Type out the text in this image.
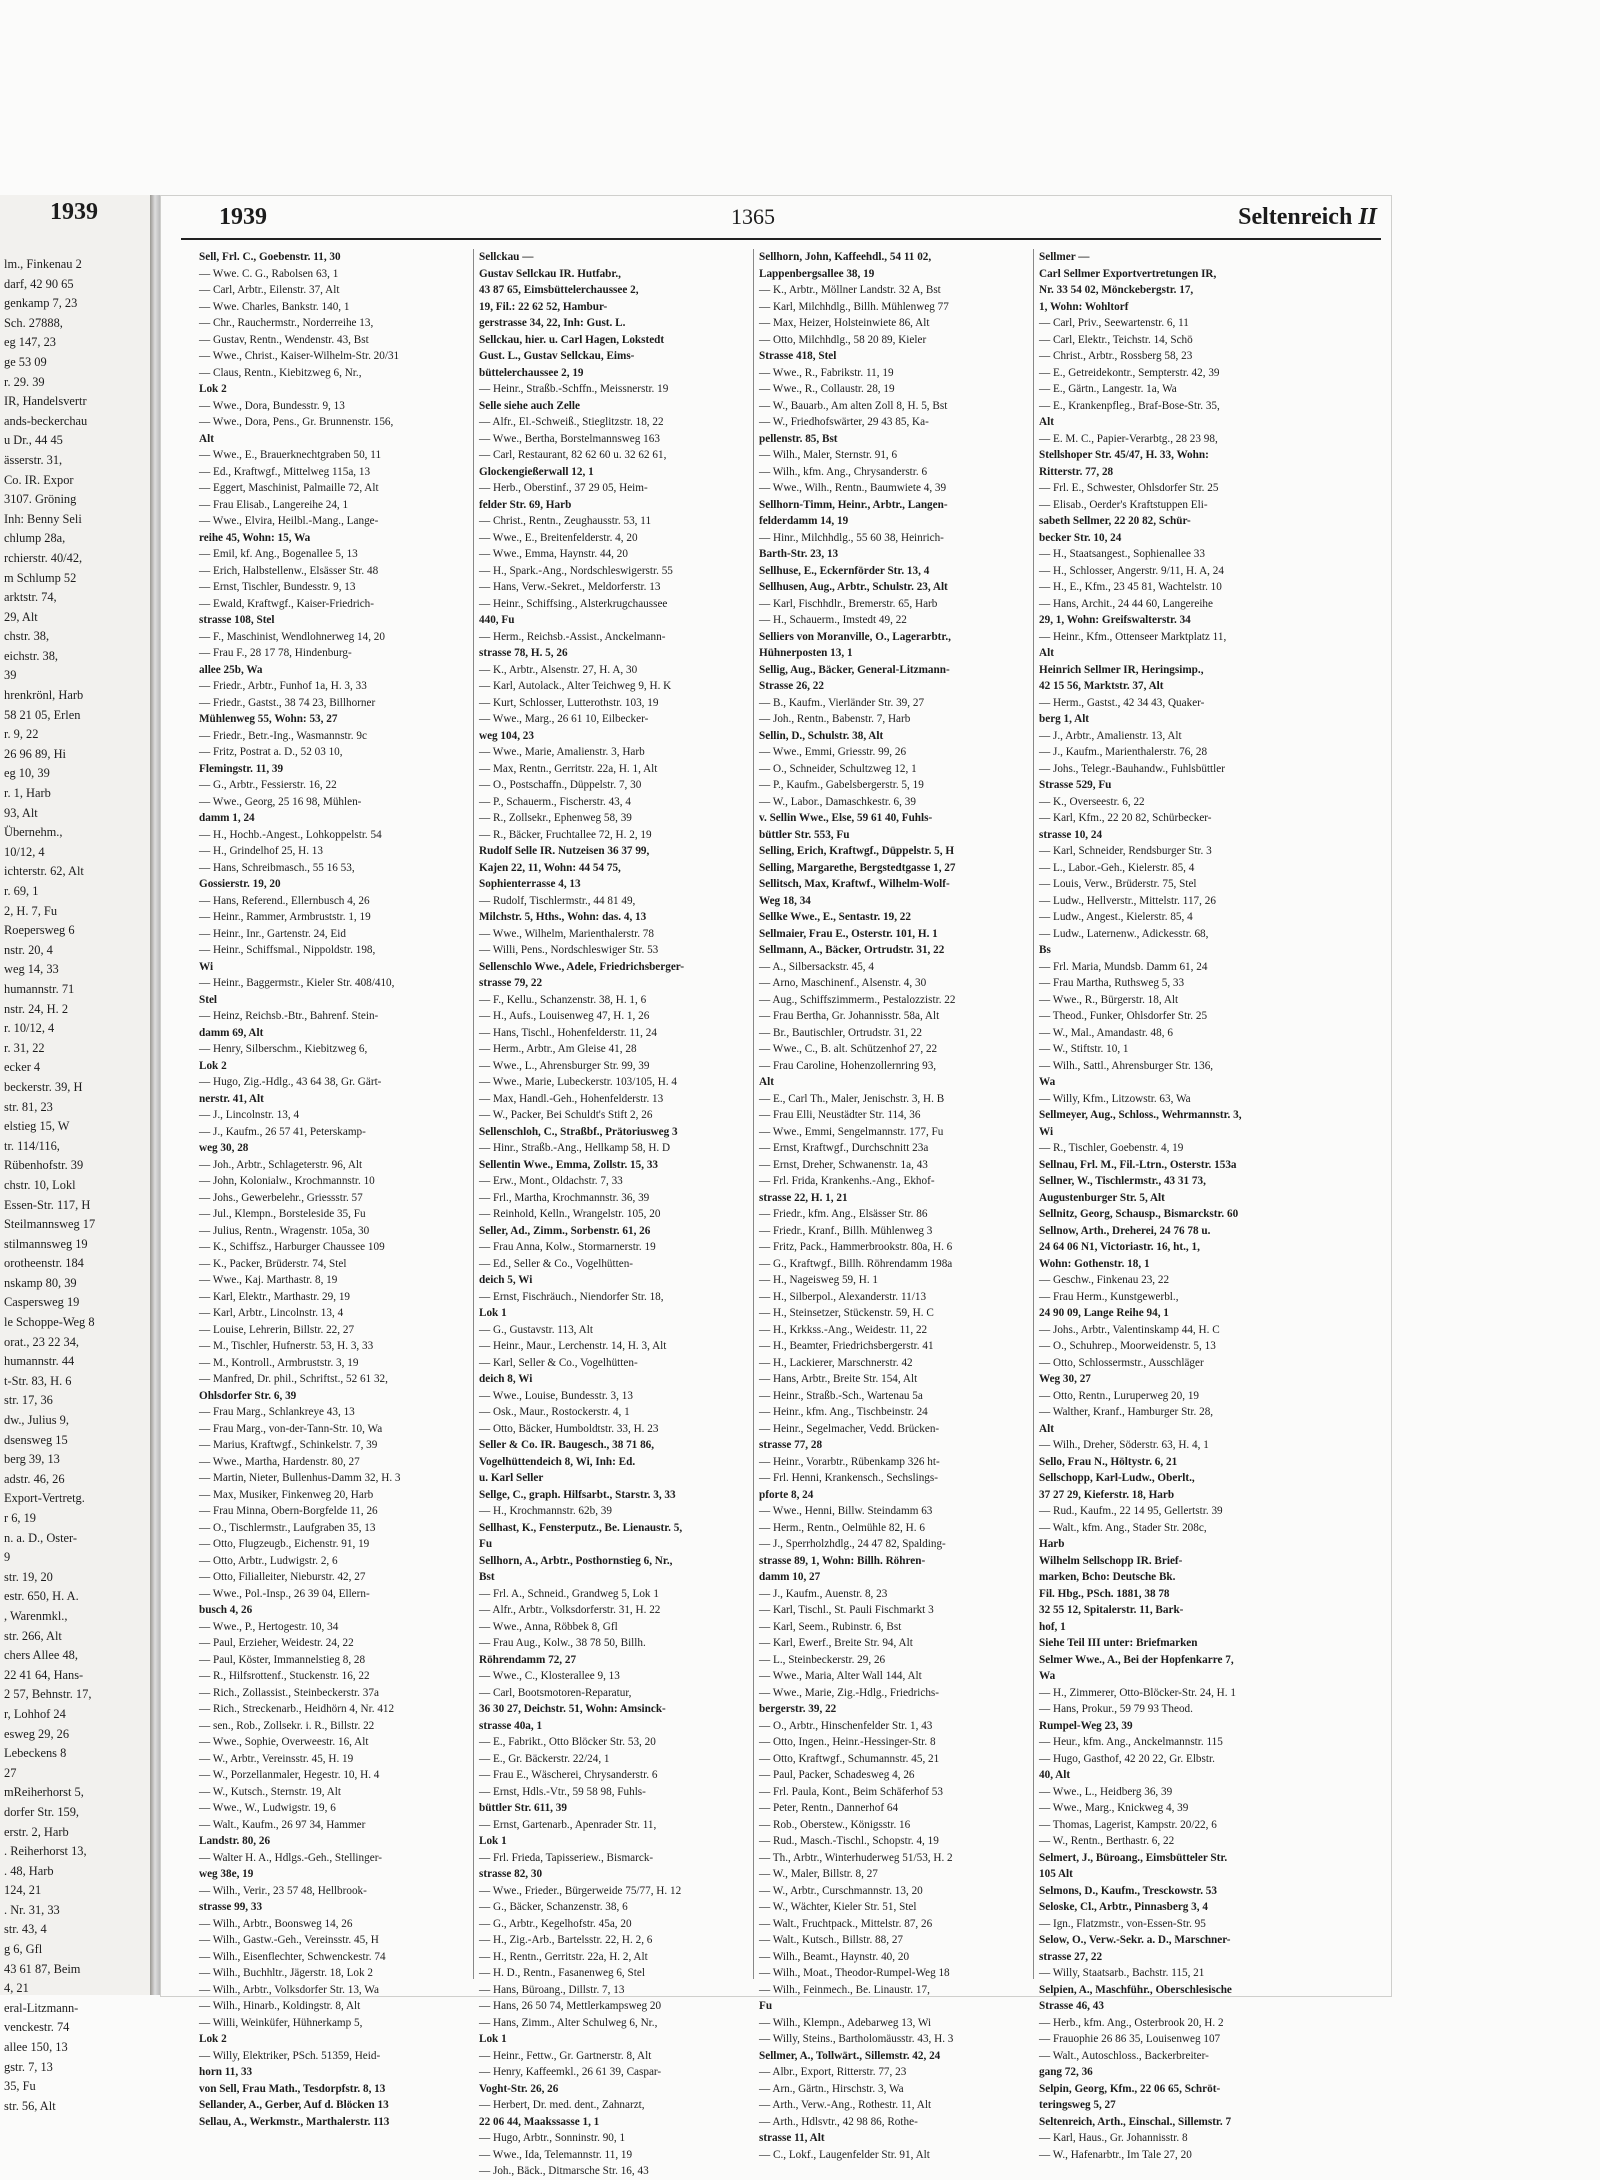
1939
lm., Finkenau 2
darf, 42 90 65
genkamp 7, 23
Sch. 27888,
eg 147, 23
ge 53 09
r. 29. 39
IR, Handelsvertr
ands-beckerchau
u Dr., 44 45
ässerstr. 31,
Co. IR. Expor
3107. Gröning
Inh: Benny Seli
chlump 28a,
rchierstr. 40/42,
m Schlump 52
arktstr. 74,
29, Alt
chstr. 38,
eichstr. 38,
39
hrenkrönl, Harb
58 21 05, Erlen
r. 9, 22
26 96 89, Hi
eg 10, 39
r. 1, Harb
93, Alt
Übernehm.,
10/12, 4
ichterstr. 62, Alt
r. 69, 1
2, H. 7, Fu
Roepersweg 6
nstr. 20, 4
weg 14, 33
humannstr. 71
nstr. 24, H. 2
r. 10/12, 4
r. 31, 22
ecker 4
beckerstr. 39, H
str. 81, 23
elstieg 15, W
tr. 114/116,
Rübenhofstr. 39
chstr. 10, Lokl
Essen-Str. 117, H
Steilmannsweg 17
stilmannsweg 19
orotheenstr. 184
nskamp 80, 39
Caspersweg 19
le Schoppe-Weg 8
orat., 23 22 34,
humannstr. 44
t-Str. 83, H. 6
str. 17, 36
dw., Julius 9,
dsensweg 15
berg 39, 13
adstr. 46, 26
Export-Vertretg.
r 6, 19
n. a. D., Oster-
9
str. 19, 20
estr. 650, H. A.
, Warenmkl.,
str. 266, Alt
chers Allee 48,
22 41 64, Hans-
2 57, Behnstr. 17,
r, Lohhof 24
esweg 29, 26
Lebeckens 8
27
mReiherhorst 5,
dorfer Str. 159,
erstr. 2, Harb
. Reiherhorst 13,
. 48, Harb
124, 21
. Nr. 31, 33
str. 43, 4
g 6, Gfl
43 61 87, Beim
4, 21
eral-Litzmann-
venckestr. 74
allee 150, 13
gstr. 7, 13
35, Fu
str. 56, Alt
1939	1365	Seltenreich II
Sell, Frl. C., Goebenstr. 11, 30
— Wwe. C. G., Rabolsen 63, 1
— Carl, Arbtr., Eilenstr. 37, Alt
— Wwe. Charles, Bankstr. 140, 1
— Chr., Rauchermstr., Norderreihe 13,
— Gustav, Rentn., Wendenstr. 43, Bst
— Wwe., Christ., Kaiser-Wilhelm-Str. 20/31
— Claus, Rentn., Kiebitzweg 6, Nr.,
Lok 2
— Wwe., Dora, Bundesstr. 9, 13
— Wwe., Dora, Pens., Gr. Brunnenstr. 156,
Alt
— Wwe., E., Brauerknechtgraben 50, 11
— Ed., Kraftwgf., Mittelweg 115a, 13
— Eggert, Maschinist, Palmaille 72, Alt
— Frau Elisab., Langereihe 24, 1
— Wwe., Elvira, Heilbl.-Mang., Lange-
reihe 45, Wohn: 15, Wa
— Emil, kf. Ang., Bogenallee 5, 13
— Erich, Halbstellenw., Elsässer Str. 48
— Ernst, Tischler, Bundesstr. 9, 13
— Ewald, Kraftwgf., Kaiser-Friedrich-
strasse 108, Stel
— F., Maschinist, Wendlohnerweg 14, 20
— Frau F., 28 17 78, Hindenburg-
allee 25b, Wa
— Friedr., Arbtr., Funhof 1a, H. 3, 33
— Friedr., Gastst., 38 74 23, Billhorner
Mühlenweg 55, Wohn: 53, 27
— Friedr., Betr.-Ing., Wasmannstr. 9c
— Fritz, Postrat a. D., 52 03 10,
Flemingstr. 11, 39
— G., Arbtr., Fessierstr. 16, 22
— Wwe., Georg, 25 16 98, Mühlen-
damm 1, 24
— H., Hochb.-Angest., Lohkoppelstr. 54
— H., Grindelhof 25, H. 13
— Hans, Schreibmasch., 55 16 53,
Gossierstr. 19, 20
— Hans, Referend., Ellernbusch 4, 26
— Heinr., Rammer, Armbruststr. 1, 19
— Heinr., Inr., Gartenstr. 24, Eid
— Heinr., Schiffsmal., Nippoldstr. 198,
Wi
— Heinr., Baggermstr., Kieler Str. 408/410,
Stel
— Heinz, Reichsb.-Btr., Bahrenf. Stein-
damm 69, Alt
— Henry, Silberschm., Kiebitzweg 6,
Lok 2
— Hugo, Zig.-Hdlg., 43 64 38, Gr. Gärt-
nerstr. 41, Alt
— J., Lincolnstr. 13, 4
— J., Kaufm., 26 57 41, Peterskamp-
weg 30, 28
— Joh., Arbtr., Schlageterstr. 96, Alt
— John, Kolonialw., Krochmannstr. 10
— Johs., Gewerbelehr., Griessstr. 57
— Jul., Klempn., Borsteleside 35, Fu
— Julius, Rentn., Wragenstr. 105a, 30
— K., Schiffsz., Harburger Chaussee 109
— K., Packer, Brüderstr. 74, Stel
— Wwe., Kaj. Marthastr. 8, 19
— Karl, Elektr., Marthastr. 29, 19
— Karl, Arbtr., Lincolnstr. 13, 4
— Louise, Lehrerin, Billstr. 22, 27
— M., Tischler, Hufnerstr. 53, H. 3, 33
— M., Kontroll., Armbruststr. 3, 19
— Manfred, Dr. phil., Schriftst., 52 61 32,
Ohlsdorfer Str. 6, 39
— Frau Marg., Schlankreye 43, 13
— Frau Marg., von-der-Tann-Str. 10, Wa
— Marius, Kraftwgf., Schinkelstr. 7, 39
— Wwe., Martha, Hardenstr. 80, 27
— Martin, Nieter, Bullenhus-Damm 32, H. 3
— Max, Musiker, Finkenweg 20, Harb
— Frau Minna, Obern-Borgfelde 11, 26
— O., Tischlermstr., Laufgraben 35, 13
— Otto, Flugzeugb., Eichenstr. 91, 19
— Otto, Arbtr., Ludwigstr. 2, 6
— Otto, Filialleiter, Nieburstr. 42, 27
— Wwe., Pol.-Insp., 26 39 04, Ellern-
busch 4, 26
— Wwe., P., Hertogestr. 10, 34
— Paul, Erzieher, Weidestr. 24, 22
— Paul, Köster, Immannelstieg 8, 28
— R., Hilfsrottenf., Stuckenstr. 16, 22
— Rich., Zollassist., Steinbeckerstr. 37a
— Rich., Streckenarb., Heidhörn 4, Nr. 412
— sen., Rob., Zollsekr. i. R., Billstr. 22
— Wwe., Sophie, Overweestr. 16, Alt
— W., Arbtr., Vereinsstr. 45, H. 19
— W., Porzellanmaler, Hegestr. 10, H. 4
— W., Kutsch., Sternstr. 19, Alt
— Wwe., W., Ludwigstr. 19, 6
— Walt., Kaufm., 26 97 34, Hammer
Landstr. 80, 26
— Walter H. A., Hdlgs.-Geh., Stellinger-
weg 38e, 19
— Wilh., Verir., 23 57 48, Hellbrook-
strasse 99, 33
— Wilh., Arbtr., Boonsweg 14, 26
— Wilh., Gastw.-Geh., Vereinsstr. 45, H
— Wilh., Eisenflechter, Schwenckestr. 74
— Wilh., Buchhltr., Jägerstr. 18, Lok 2
— Wilh., Arbtr., Volksdorfer Str. 13, Wa
— Wilh., Hinarb., Koldingstr. 8, Alt
— Willi, Weinküfer, Hühnerkamp 5,
Lok 2
— Willy, Elektriker, PSch. 51359, Heid-
horn 11, 33
von Sell, Frau Math., Tesdorpfstr. 8, 13
Sellander, A., Gerber, Auf d. Blöcken 13
Sellau, A., Werkmstr., Marthalerstr. 113
Sellckau —
Gustav Sellckau IR. Hutfabr.,
43 87 65, Eimsbüttelerchaussee 2,
19, Fil.: 22 62 52, Hambur-
gerstrasse 34, 22, Inh: Gust. L.
Sellckau, hier. u. Carl Hagen, Lokstedt
Gust. L., Gustav Sellckau, Eims-
büttelerchaussee 2, 19
— Heinr., Straßb.-Schffn., Meissnerstr. 19
Selle siehe auch Zelle
— Alfr., El.-Schweiß., Stieglitzstr. 18, 22
— Wwe., Bertha, Borstelmannsweg 163
— Carl, Restaurant, 82 62 60 u. 32 62 61,
Glockengießerwall 12, 1
— Herb., Oberstinf., 37 29 05, Heim-
felder Str. 69, Harb
— Christ., Rentn., Zeughausstr. 53, 11
— Wwe., E., Breitenfelderstr. 4, 20
— Wwe., Emma, Haynstr. 44, 20
— H., Spark.-Ang., Nordschleswigerstr. 55
— Hans, Verw.-Sekret., Meldorferstr. 13
— Heinr., Schiffsing., Alsterkrugchaussee
440, Fu
— Herm., Reichsb.-Assist., Anckelmann-
strasse 78, H. 5, 26
— K., Arbtr., Alsenstr. 27, H. A, 30
— Karl, Autolack., Alter Teichweg 9, H. K
— Kurt, Schlosser, Lutterothstr. 103, 19
— Wwe., Marg., 26 61 10, Eilbecker-
weg 104, 23
— Wwe., Marie, Amalienstr. 3, Harb
— Max, Rentn., Gerritstr. 22a, H. 1, Alt
— O., Postschaffn., Düppelstr. 7, 30
— P., Schauerm., Fischerstr. 43, 4
— R., Zollsekr., Ephenweg 58, 39
— R., Bäcker, Fruchtallee 72, H. 2, 19
Rudolf Selle IR. Nutzeisen 36 37 99,
Kajen 22, 11, Wohn: 44 54 75,
Sophienterrasse 4, 13
— Rudolf, Tischlermstr., 44 81 49,
Milchstr. 5, Hths., Wohn: das. 4, 13
— Wwe., Wilhelm, Marienthalerstr. 78
— Willi, Pens., Nordschleswiger Str. 53
Sellenschlo Wwe., Adele, Friedrichsberger-
strasse 79, 22
— F., Kellu., Schanzenstr. 38, H. 1, 6
— H., Aufs., Louisenweg 47, H. 1, 26
— Hans, Tischl., Hohenfelderstr. 11, 24
— Herm., Arbtr., Am Gleise 41, 28
— Wwe., L., Ahrensburger Str. 99, 39
— Wwe., Marie, Lubeckerstr. 103/105, H. 4
— Max, Handl.-Geh., Hohenfelderstr. 13
— W., Packer, Bei Schuldt's Stift 2, 26
Sellenschloh, C., Straßbf., Prätoriusweg 3
— Hinr., Straßb.-Ang., Hellkamp 58, H. D
Sellentin Wwe., Emma, Zollstr. 15, 33
— Erw., Mont., Oldachstr. 7, 33
— Frl., Martha, Krochmannstr. 36, 39
— Reinhold, Kelln., Wrangelstr. 105, 20
Seller, Ad., Zimm., Sorbenstr. 61, 26
— Frau Anna, Kolw., Stormarnerstr. 19
— Ed., Seller & Co., Vogelhütten-
deich 5, Wi
— Ernst, Fischräuch., Niendorfer Str. 18,
Lok 1
— G., Gustavstr. 113, Alt
— Heinr., Maur., Lerchenstr. 14, H. 3, Alt
— Karl, Seller & Co., Vogelhütten-
deich 8, Wi
— Wwe., Louise, Bundesstr. 3, 13
— Osk., Maur., Rostockerstr. 4, 1
— Otto, Bäcker, Humboldtstr. 33, H. 23
Seller & Co. IR. Baugesch., 38 71 86,
Vogelhüttendeich 8, Wi, Inh: Ed.
u. Karl Seller
Sellge, C., graph. Hilfsarbt., Starstr. 3, 33
— H., Krochmannstr. 62b, 39
Sellhast, K., Fensterputz., Be. Lienaustr. 5,
Fu
Sellhorn, A., Arbtr., Posthornstieg 6, Nr.,
Bst
— Frl. A., Schneid., Grandweg 5, Lok 1
— Alfr., Arbtr., Volksdorferstr. 31, H. 22
— Wwe., Anna, Röbbek 8, Gfl
— Frau Aug., Kolw., 38 78 50, Billh.
Röhrendamm 72, 27
— Wwe., C., Klosterallee 9, 13
— Carl, Bootsmotoren-Reparatur,
36 30 27, Deichstr. 51, Wohn: Amsinck-
strasse 40a, 1
— E., Fabrikt., Otto Blöcker Str. 53, 20
— E., Gr. Bäckerstr. 22/24, 1
— Frau E., Wäscherei, Chrysanderstr. 6
— Ernst, Hdls.-Vtr., 59 58 98, Fuhls-
büttler Str. 611, 39
— Ernst, Gartenarb., Apenrader Str. 11,
Lok 1
— Frl. Frieda, Tapisseriew., Bismarck-
strasse 82, 30
— Wwe., Frieder., Bürgerweide 75/77, H. 12
— G., Bäcker, Schanzenstr. 38, 6
— G., Arbtr., Kegelhofstr. 45a, 20
— H., Zig.-Arb., Bartelsstr. 22, H. 2, 6
— H., Rentn., Gerritstr. 22a, H. 2, Alt
— H. D., Rentn., Fasanenweg 6, Stel
— Hans, Büroang., Dillstr. 7, 13
— Hans, 26 50 74, Mettlerkampsweg 20
— Hans, Zimm., Alter Schulweg 6, Nr.,
Lok 1
— Heinr., Fettw., Gr. Gartnerstr. 8, Alt
— Henry, Kaffeemkl., 26 61 39, Caspar-
Voght-Str. 26, 26
— Herbert, Dr. med. dent., Zahnarzt,
22 06 44, Maakssasse 1, 1
— Hugo, Arbtr., Sonninstr. 90, 1
— Wwe., Ida, Telemannstr. 11, 19
— Joh., Bäck., Ditmarsche Str. 16, 43
Sellhorn, John, Kaffeehdl., 54 11 02,
Lappenbergsallee 38, 19
— K., Arbtr., Möllner Landstr. 32 A, Bst
— Karl, Milchhdlg., Billh. Mühlenweg 77
— Max, Heizer, Holsteinwiete 86, Alt
— Otto, Milchhdlg., 58 20 89, Kieler
Strasse 418, Stel
— Wwe., R., Fabrikstr. 11, 19
— Wwe., R., Collaustr. 28, 19
— W., Bauarb., Am alten Zoll 8, H. 5, Bst
— W., Friedhofswärter, 29 43 85, Ka-
pellenstr. 85, Bst
— Wilh., Maler, Sternstr. 91, 6
— Wilh., kfm. Ang., Chrysanderstr. 6
— Wwe., Wilh., Rentn., Baumwiete 4, 39
Sellhorn-Timm, Heinr., Arbtr., Langen-
felderdamm 14, 19
— Hinr., Milchhdlg., 55 60 38, Heinrich-
Barth-Str. 23, 13
Sellhuse, E., Eckernförder Str. 13, 4
Sellhusen, Aug., Arbtr., Schulstr. 23, Alt
— Karl, Fischhdlr., Bremerstr. 65, Harb
— H., Schauerm., Imstedt 49, 22
Selliers von Moranville, O., Lagerarbtr.,
Hühnerposten 13, 1
Sellig, Aug., Bäcker, General-Litzmann-
Strasse 26, 22
— B., Kaufm., Vierländer Str. 39, 27
— Joh., Rentn., Babenstr. 7, Harb
Sellin, D., Schulstr. 38, Alt
— Wwe., Emmi, Griesstr. 99, 26
— O., Schneider, Schultzweg 12, 1
— P., Kaufm., Gabelsbergerstr. 5, 19
— W., Labor., Damaschkestr. 6, 39
v. Sellin Wwe., Else, 59 61 40, Fuhls-
büttler Str. 553, Fu
Selling, Erich, Kraftwgf., Düppelstr. 5, H
Selling, Margarethe, Bergstedtgasse 1, 27
Sellitsch, Max, Kraftwf., Wilhelm-Wolf-
Weg 18, 34
Sellke Wwe., E., Sentastr. 19, 22
Sellmaier, Frau E., Osterstr. 101, H. 1
Sellmann, A., Bäcker, Ortrudstr. 31, 22
— A., Silbersackstr. 45, 4
— Arno, Maschinenf., Alsenstr. 4, 30
— Aug., Schiffszimmerm., Pestalozzistr. 22
— Frau Bertha, Gr. Johannisstr. 58a, Alt
— Br., Bautischler, Ortrudstr. 31, 22
— Wwe., C., B. alt. Schützenhof 27, 22
— Frau Caroline, Hohenzollernring 93,
Alt
— E., Carl Th., Maler, Jenischstr. 3, H. B
— Frau Elli, Neustädter Str. 114, 36
— Wwe., Emmi, Sengelmannstr. 177, Fu
— Ernst, Kraftwgf., Durchschnitt 23a
— Ernst, Dreher, Schwanenstr. 1a, 43
— Frl. Frida, Krankenhs.-Ang., Ekhof-
strasse 22, H. 1, 21
— Friedr., kfm. Ang., Elsässer Str. 86
— Friedr., Kranf., Billh. Mühlenweg 3
— Fritz, Pack., Hammerbrookstr. 80a, H. 6
— G., Kraftwgf., Billh. Röhrendamm 198a
— H., Nageisweg 59, H. 1
— H., Silberpol., Alexanderstr. 11/13
— H., Steinsetzer, Stückenstr. 59, H. C
— H., Krkkss.-Ang., Weidestr. 11, 22
— H., Beamter, Friedrichsbergerstr. 41
— H., Lackierer, Marschnerstr. 42
— Hans, Arbtr., Breite Str. 154, Alt
— Heinr., Straßb.-Sch., Wartenau 5a
— Heinr., kfm. Ang., Tischbeinstr. 24
— Heinr., Segelmacher, Vedd. Brücken-
strasse 77, 28
— Heinr., Vorarbtr., Rübenkamp 326 ht-
— Frl. Henni, Krankensch., Sechslings-
pforte 8, 24
— Wwe., Henni, Billw. Steindamm 63
— Herm., Rentn., Oelmühle 82, H. 6
— J., Sperrholzhdlg., 24 47 82, Spalding-
strasse 89, 1, Wohn: Billh. Röhren-
damm 10, 27
— J., Kaufm., Auenstr. 8, 23
— Karl, Tischl., St. Pauli Fischmarkt 3
— Karl, Seem., Rubinstr. 6, Bst
— Karl, Ewerf., Breite Str. 94, Alt
— L., Steinbeckerstr. 29, 26
— Wwe., Maria, Alter Wall 144, Alt
— Wwe., Marie, Zig.-Hdlg., Friedrichs-
bergerstr. 39, 22
— O., Arbtr., Hinschenfelder Str. 1, 43
— Otto, Ingen., Heinr.-Hessinger-Str. 8
— Otto, Kraftwgf., Schumannstr. 45, 21
— Paul, Packer, Schadesweg 4, 26
— Frl. Paula, Kont., Beim Schäferhof 53
— Peter, Rentn., Dannerhof 64
— Rob., Oberstew., Königsstr. 16
— Rud., Masch.-Tischl., Schopstr. 4, 19
— Th., Arbtr., Winterhuderweg 51/53, H. 2
— W., Maler, Billstr. 8, 27
— W., Arbtr., Curschmannstr. 13, 20
— W., Wächter, Kieler Str. 51, Stel
— Walt., Fruchtpack., Mittelstr. 87, 26
— Walt., Kutsch., Billstr. 88, 27
— Wilh., Beamt., Haynstr. 40, 20
— Wilh., Moat., Theodor-Rumpel-Weg 18
— Wilh., Feinmech., Be. Linaustr. 17,
Fu
— Wilh., Klempn., Adebarweg 13, Wi
— Willy, Steins., Bartholomäusstr. 43, H. 3
Sellmer, A., Tollwärt., Sillemstr. 42, 24
— Albr., Export, Ritterstr. 77, 23
— Arn., Gärtn., Hirschstr. 3, Wa
— Arth., Verw.-Ang., Rothestr. 11, Alt
— Arth., Hdlsvtr., 42 98 86, Rothe-
strasse 11, Alt
— C., Lokf., Laugenfelder Str. 91, Alt
Sellmer —
Carl Sellmer Exportvertretungen IR,
Nr. 33 54 02, Mönckebergstr. 17,
1, Wohn: Wohltorf
— Carl, Priv., Seewartenstr. 6, 11
— Carl, Elektr., Teichstr. 14, Schö
— Christ., Arbtr., Rossberg 58, 23
— E., Getreidekontr., Sempterstr. 42, 39
— E., Gärtn., Langestr. 1a, Wa
— E., Krankenpfleg., Braf-Bose-Str. 35,
Alt
— E. M. C., Papier-Verarbtg., 28 23 98,
Stellshoper Str. 45/47, H. 33, Wohn:
Ritterstr. 77, 28
— Frl. E., Schwester, Ohlsdorfer Str. 25
— Elisab., Oerder's Kraftstuppen Eli-
sabeth Sellmer, 22 20 82, Schür-
becker Str. 10, 24
— H., Staatsangest., Sophienallee 33
— H., Schlosser, Angerstr. 9/11, H. A, 24
— H., E., Kfm., 23 45 81, Wachtelstr. 10
— Hans, Archit., 24 44 60, Langereihe
29, 1, Wohn: Greifswalterstr. 34
— Heinr., Kfm., Ottenseer Marktplatz 11,
Alt
Heinrich Sellmer IR, Heringsimp.,
42 15 56, Marktstr. 37, Alt
— Herm., Gastst., 42 34 43, Quaker-
berg 1, Alt
— J., Arbtr., Amalienstr. 13, Alt
— J., Kaufm., Marienthalerstr. 76, 28
— Johs., Telegr.-Bauhandw., Fuhlsbüttler
Strasse 529, Fu
— K., Overseestr. 6, 22
— Karl, Kfm., 22 20 82, Schürbecker-
strasse 10, 24
— Karl, Schneider, Rendsburger Str. 3
— L., Labor.-Geh., Kielerstr. 85, 4
— Louis, Verw., Brüderstr. 75, Stel
— Ludw., Hellverstr., Mittelstr. 117, 26
— Ludw., Angest., Kielerstr. 85, 4
— Ludw., Laternenw., Adickesstr. 68,
Bs
— Frl. Maria, Mundsb. Damm 61, 24
— Frau Martha, Ruthsweg 5, 33
— Wwe., R., Bürgerstr. 18, Alt
— Theod., Funker, Ohlsdorfer Str. 25
— W., Mal., Amandastr. 48, 6
— W., Stiftstr. 10, 1
— Wilh., Sattl., Ahrensburger Str. 136,
Wa
— Willy, Kfm., Litzowstr. 63, Wa
Sellmeyer, Aug., Schloss., Wehrmannstr. 3,
Wi
— R., Tischler, Goebenstr. 4, 19
Sellnau, Frl. M., Fil.-Ltrn., Osterstr. 153a
Sellner, W., Tischlermstr., 43 31 73,
Augustenburger Str. 5, Alt
Sellnitz, Georg, Schausp., Bismarckstr. 60
Sellnow, Arth., Dreherei, 24 76 78 u.
24 64 06 N1, Victoriastr. 16, ht., 1,
Wohn: Gothenstr. 18, 1
— Geschw., Finkenau 23, 22
— Frau Herm., Kunstgewerbl.,
24 90 09, Lange Reihe 94, 1
— Johs., Arbtr., Valentinskamp 44, H. C
— O., Schuhrep., Moorweidenstr. 5, 13
— Otto, Schlossermstr., Ausschläger
Weg 30, 27
— Otto, Rentn., Luruperweg 20, 19
— Walther, Kranf., Hamburger Str. 28,
Alt
— Wilh., Dreher, Söderstr. 63, H. 4, 1
Sello, Frau N., Höltystr. 6, 21
Sellschopp, Karl-Ludw., Oberlt.,
37 27 29, Kieferstr. 18, Harb
— Rud., Kaufm., 22 14 95, Gellertstr. 39
— Walt., kfm. Ang., Stader Str. 208c,
Harb
Wilhelm Sellschopp IR. Brief-
marken, Bcho: Deutsche Bk.
Fil. Hbg., PSch. 1881, 38 78
32 55 12, Spitalerstr. 11, Bark-
hof, 1
Siehe Teil III unter: Briefmarken
Selmer Wwe., A., Bei der Hopfenkarre 7,
Wa
— H., Zimmerer, Otto-Blöcker-Str. 24, H. 1
— Hans, Prokur., 59 79 93 Theod.
Rumpel-Weg 23, 39
— Heur., kfm. Ang., Anckelmannstr. 115
— Hugo, Gasthof, 42 20 22, Gr. Elbstr.
40, Alt
— Wwe., L., Heidberg 36, 39
— Wwe., Marg., Knickweg 4, 39
— Thomas, Lagerist, Kampstr. 20/22, 6
— W., Rentn., Berthastr. 6, 22
Selmert, J., Büroang., Eimsbütteler Str.
105 Alt
Selmons, D., Kaufm., Tresckowstr. 53
Seloske, Cl., Arbtr., Pinnasberg 3, 4
— Ign., Flatzmstr., von-Essen-Str. 95
Selow, O., Verw.-Sekr. a. D., Marschner-
strasse 27, 22
— Willy, Staatsarb., Bachstr. 115, 21
Selpien, A., Maschführ., Oberschlesische
Strasse 46, 43
— Herb., kfm. Ang., Osterbrook 20, H. 2
— Frauophie 26 86 35, Louisenweg 107
— Walt., Autoschloss., Backerbreiter-
gang 72, 36
Selpin, Georg, Kfm., 22 06 65, Schröt-
teringsweg 5, 27
Seltenreich, Arth., Einschal., Sillemstr. 7
— Karl, Haus., Gr. Johannisstr. 8
— W., Hafenarbtr., Im Tale 27, 20
